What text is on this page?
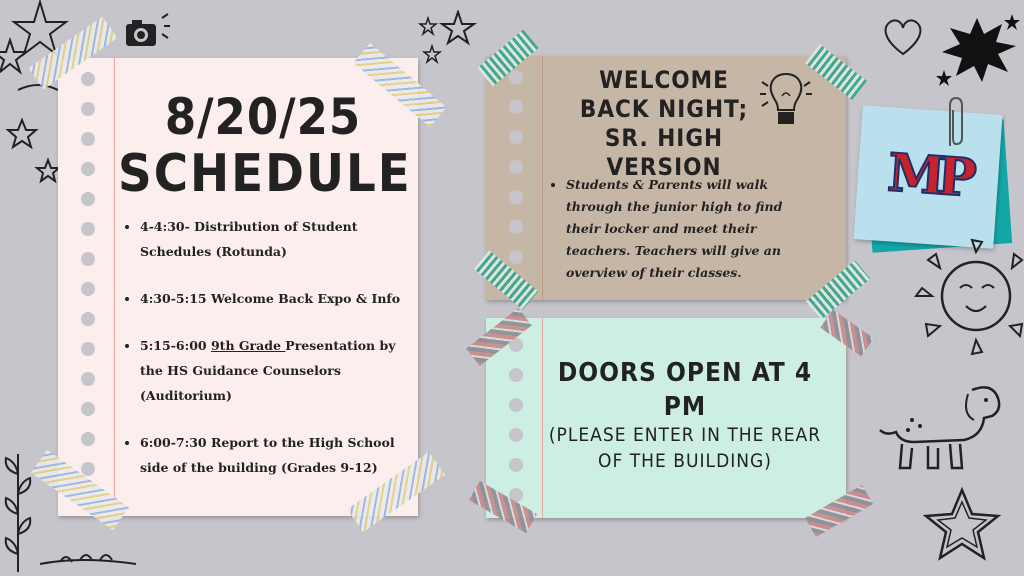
8/20/25
SCHEDULE
• 4-4:30- Distribution of Student Schedules (Rotunda)
• 4:30-5:15 Welcome Back Expo & Info
• 5:15-6:00 9th Grade Presentation by the HS Guidance Counselors (Auditorium)
• 6:00-7:30 Report to the High School side of the building (Grades 9-12)
WELCOME BACK NIGHT; SR. HIGH VERSION
• Students & Parents will walk through the junior high to find their locker and meet their teachers. Teachers will give an overview of their classes.
DOORS OPEN AT 4 PM
(PLEASE ENTER IN THE REAR OF THE BUILDING)
MP
